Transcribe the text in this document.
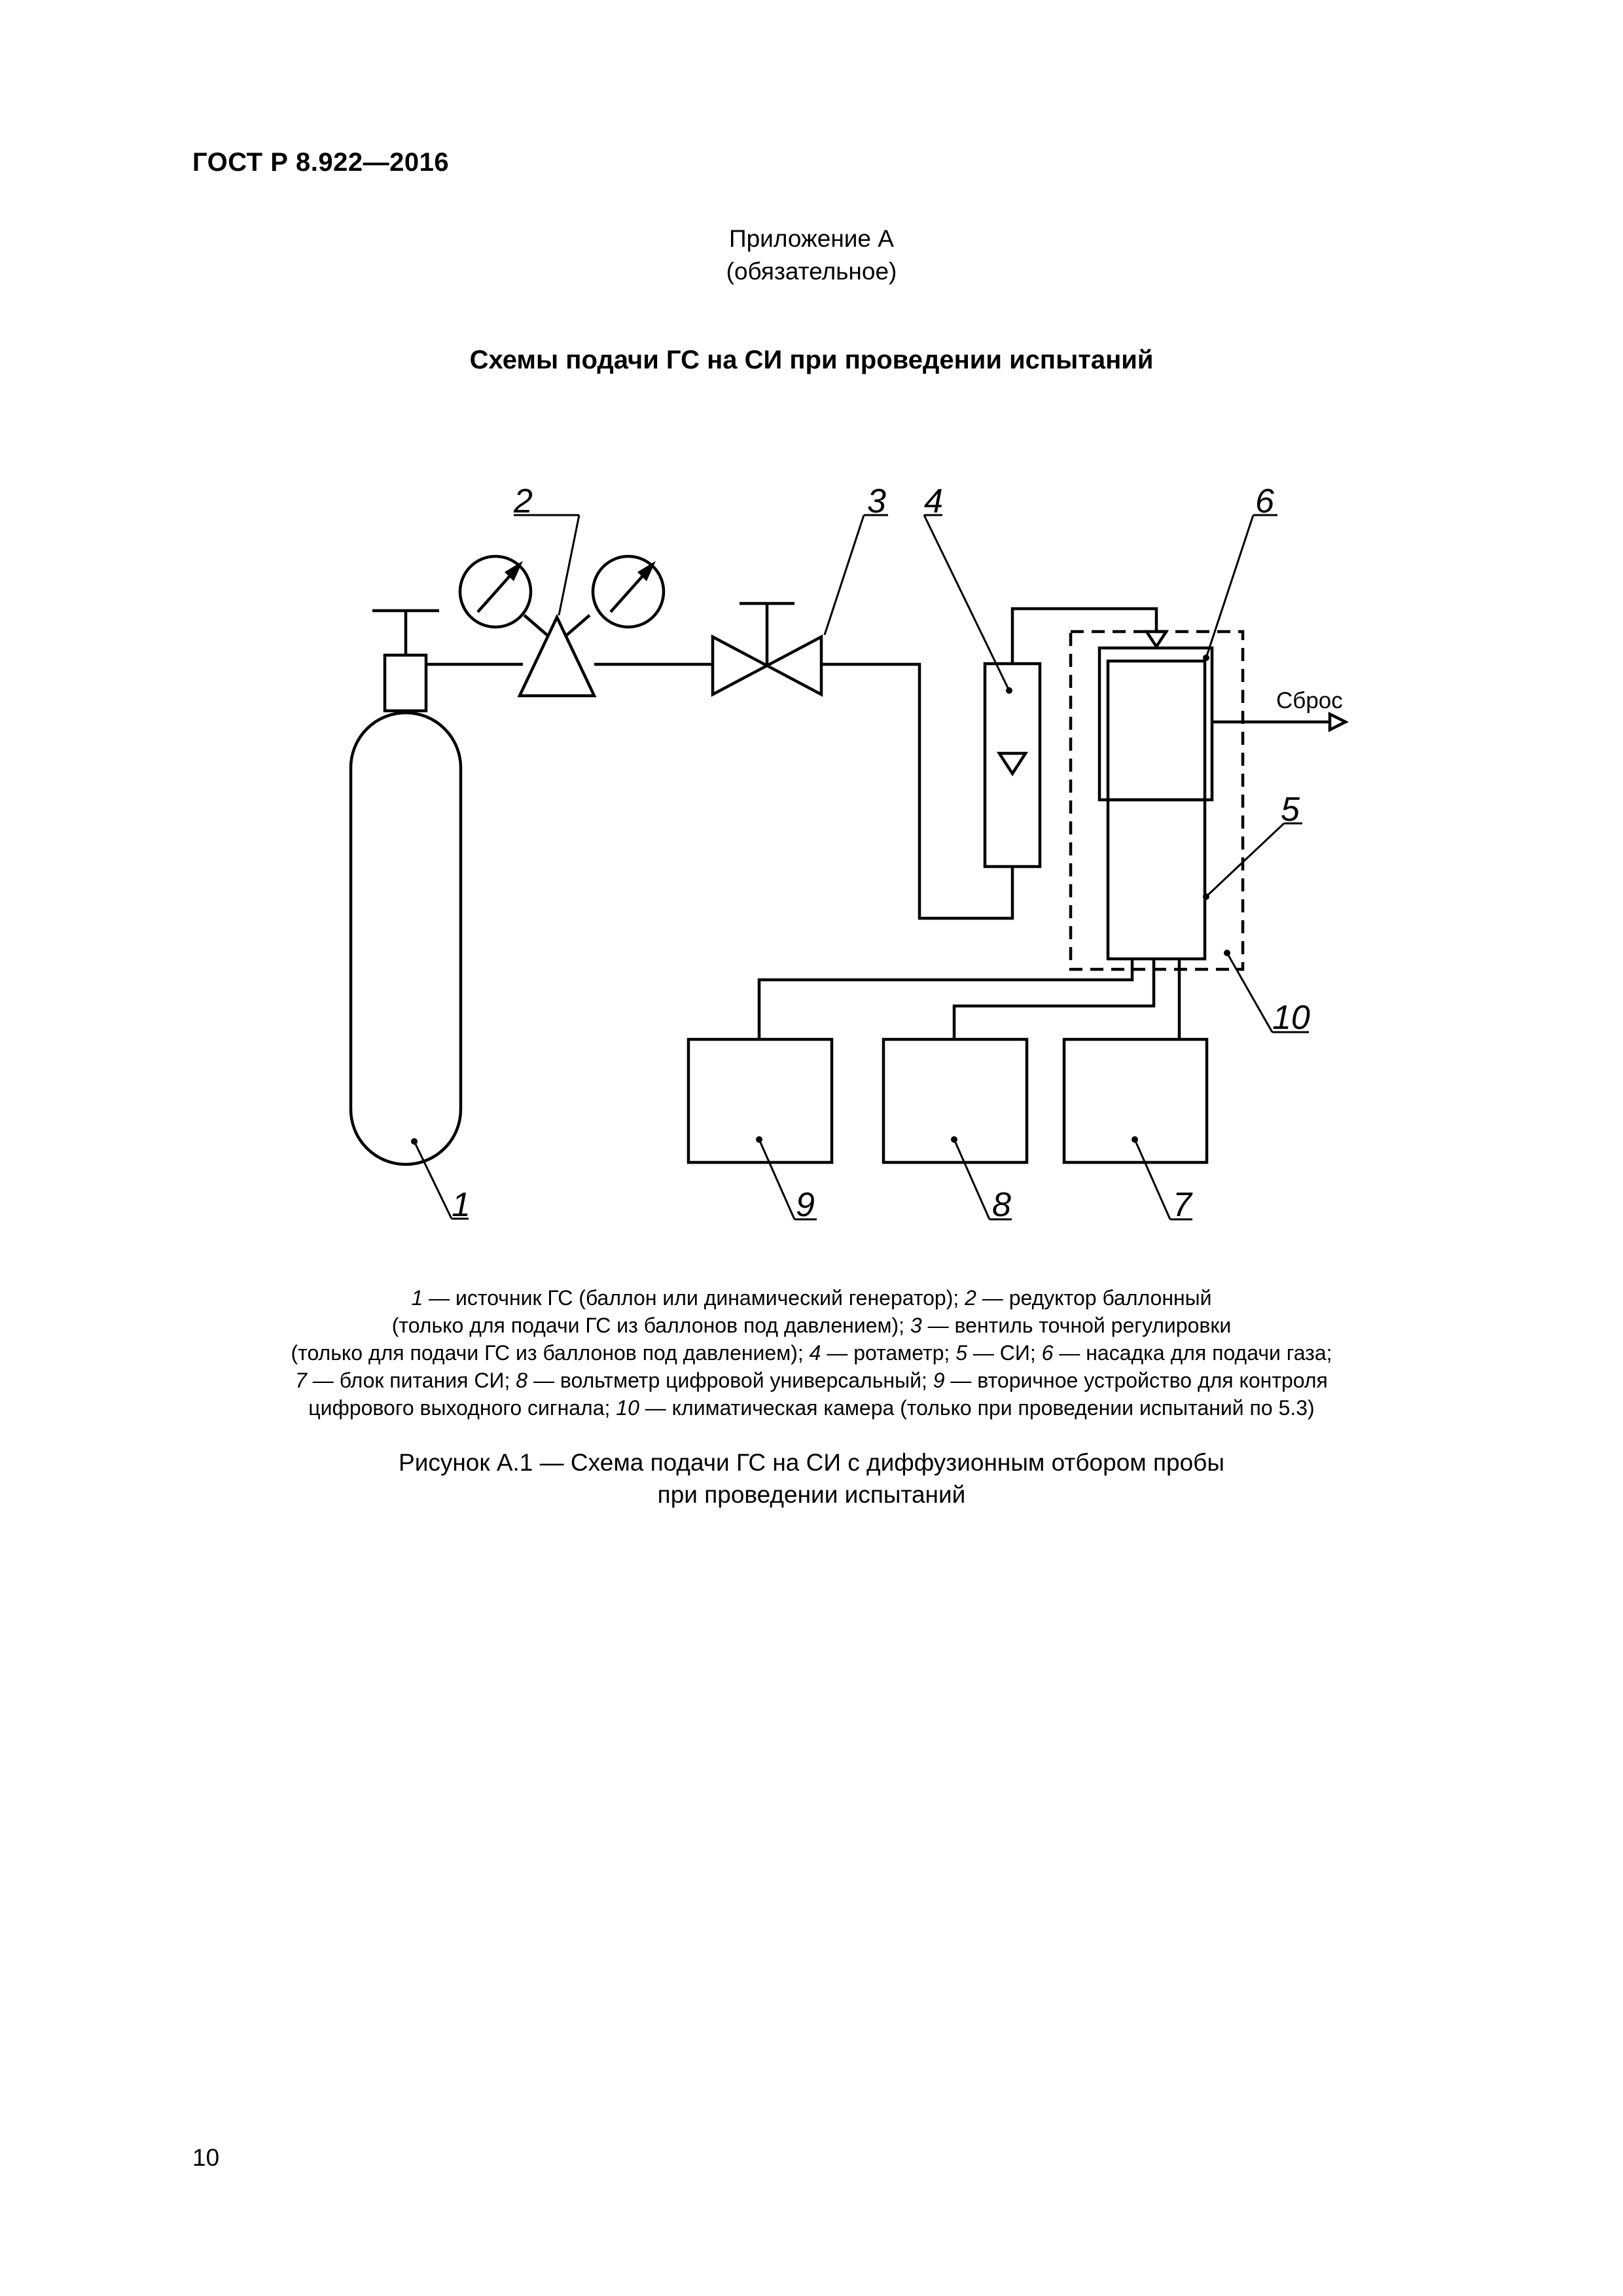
ГОСТ Р 8.922—2016
Приложение А
(обязательное)
Схемы подачи ГС на СИ при проведении испытаний
1
2	3 4
5
6
7
8
9
10
Сброс
1 — источник ГС (баллон или динамический генератор); 2 — редуктор баллонный
(только для подачи ГС из баллонов под давлением); 3 — вентиль точной регулировки
(только для подачи ГС из баллонов под давлением); 4 — ротаметр; 5 — СИ; 6 — насадка для подачи газа;
7 — блок питания СИ; 8 — вольтметр цифровой универсальный; 9 — вторичное устройство для контроля
цифрового выходного сигнала; 10 — климатическая камера (только при проведении испытаний по 5.3)
Рисунок А.1 — Схема подачи ГС на СИ с диффузионным отбором пробы
при проведении испытаний
10
